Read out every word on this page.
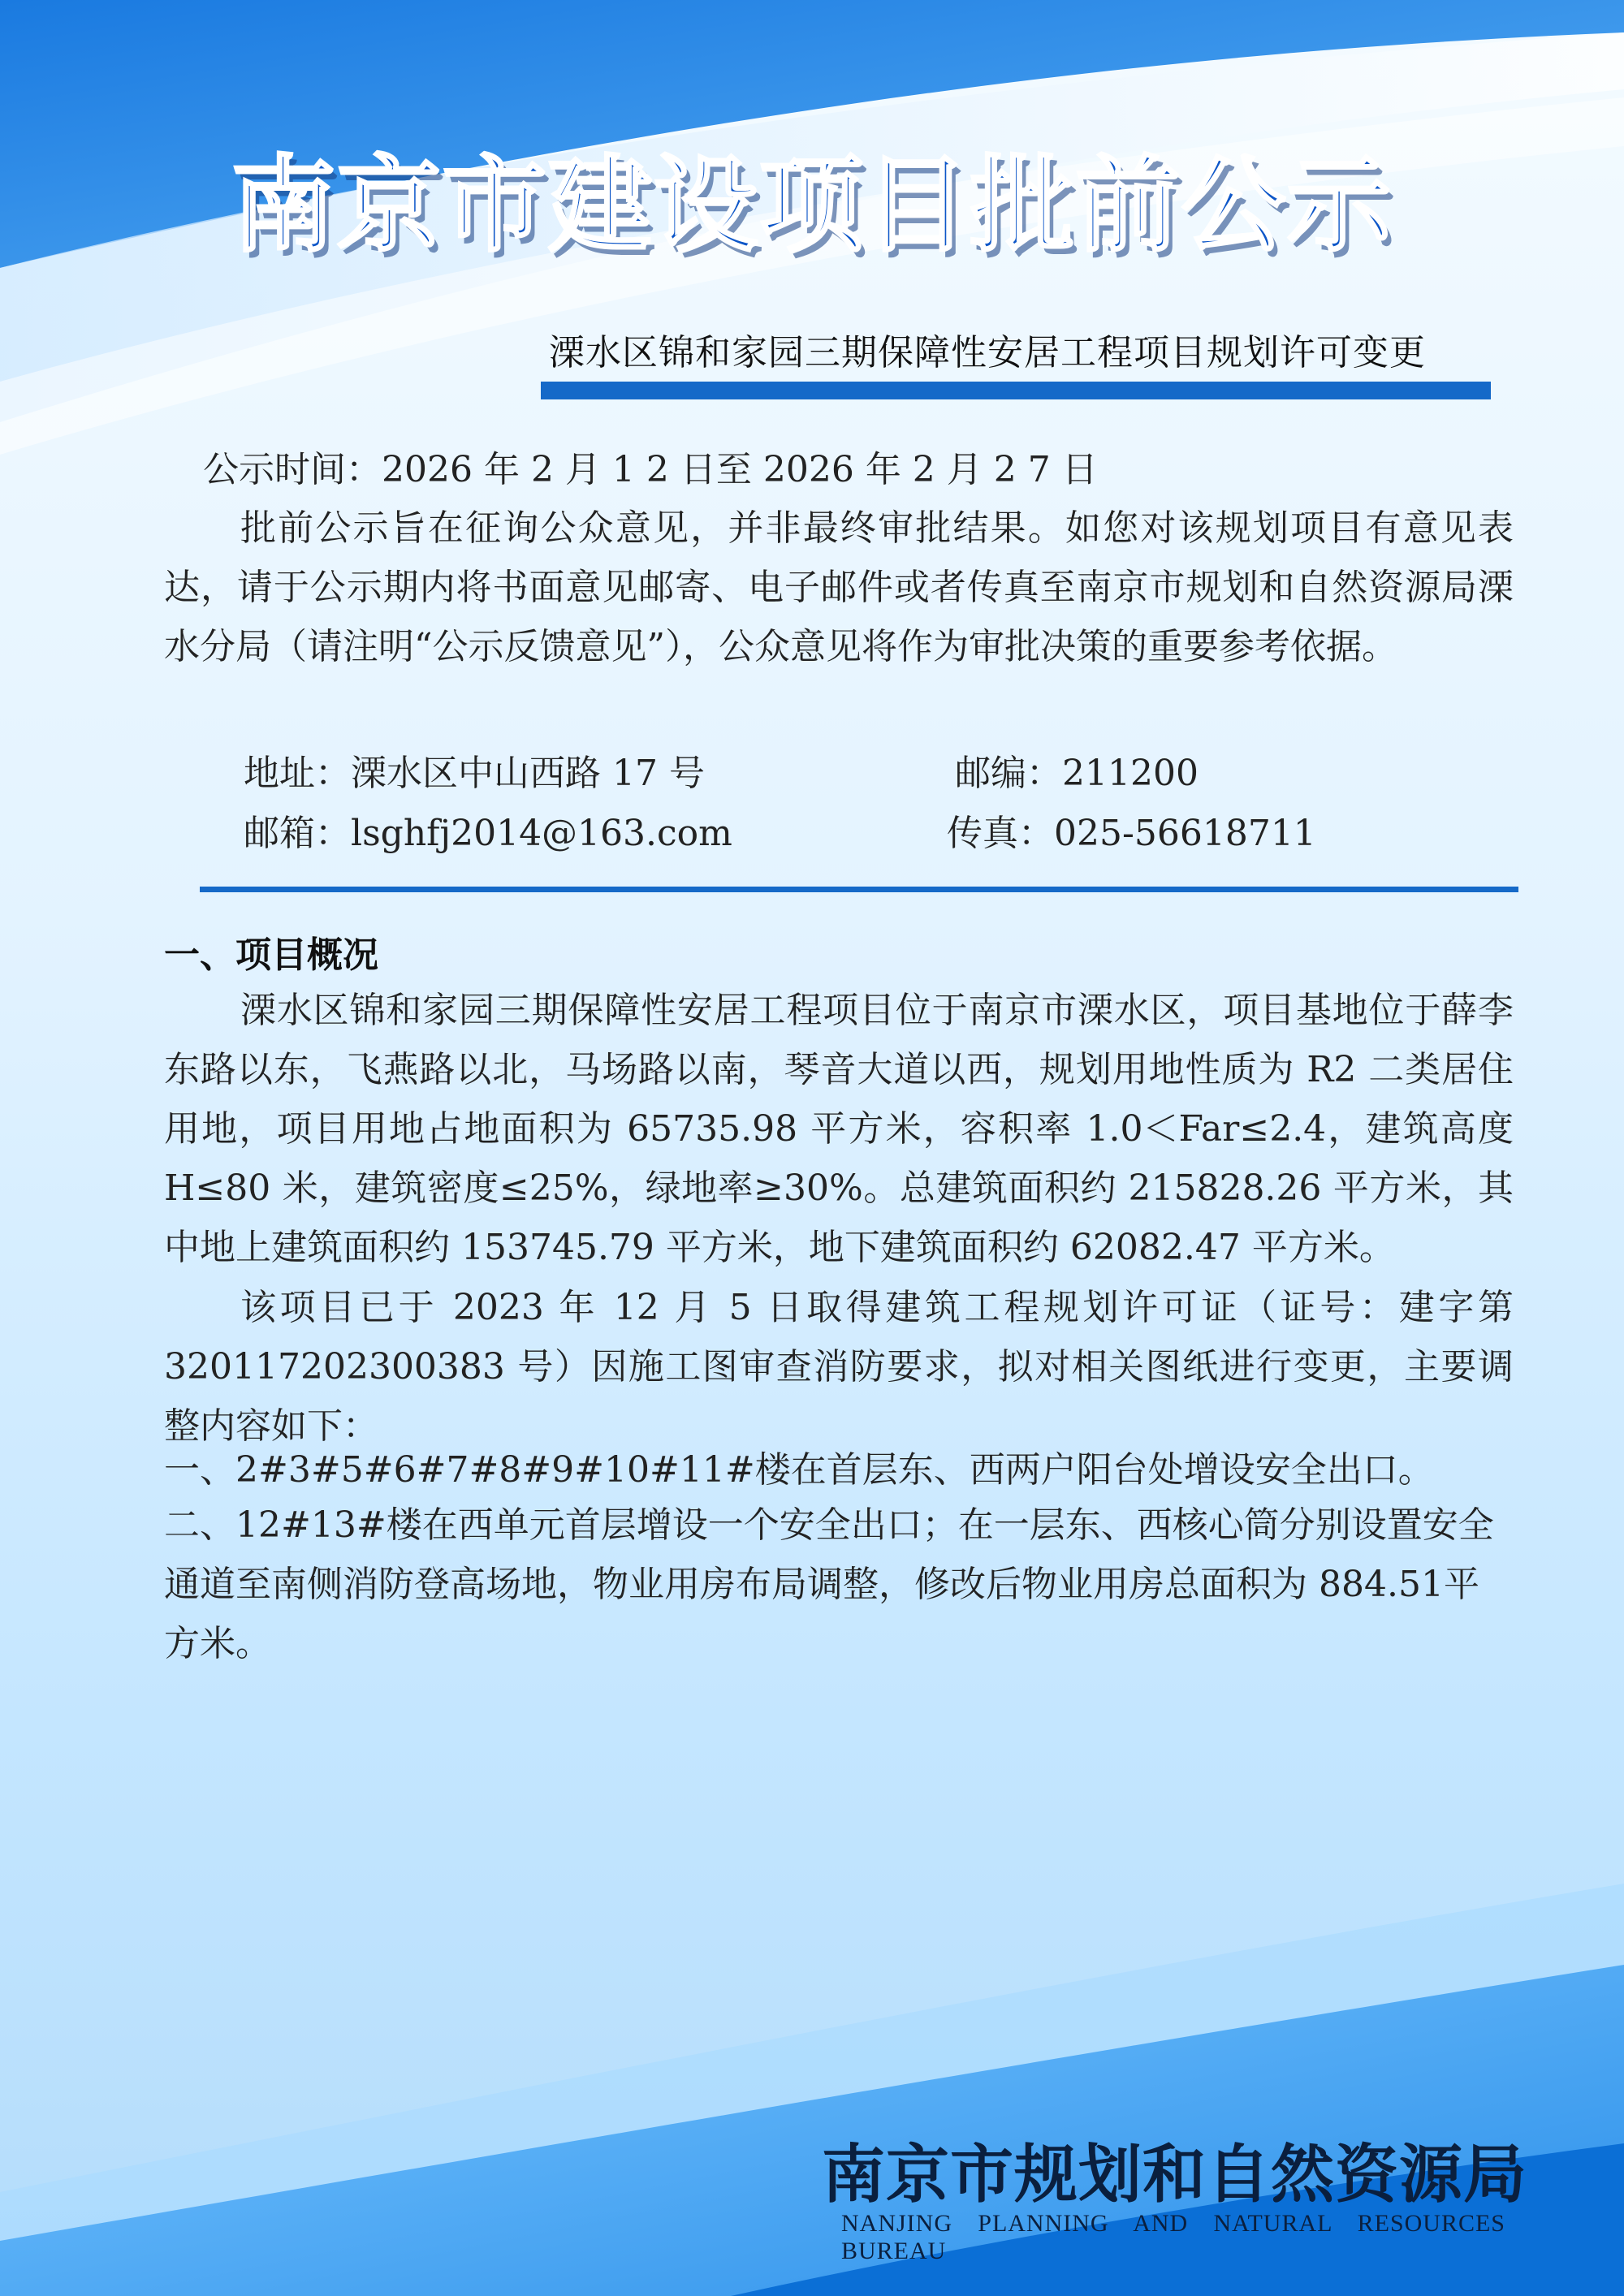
南京市建设项目批前公示
溧水区锦和家园三期保障性安居工程项目规划许可变更
公示时间：2026 年 2 月 1 2 日至 2026 年 2 月 2 7 日
批前公示旨在征询公众意见，并非最终审批结果。如您对该规划项目有意见表达，请于公示期内将书面意见邮寄、电子邮件或者传真至南京市规划和自然资源局溧水分局（请注明“公示反馈意见”），公众意见将作为审批决策的重要参考依据。
地址：溧水区中山西路 17 号	邮编：211200
邮箱：lsghfj2014@163.com	传真：025-56618711
一、项目概况
溧水区锦和家园三期保障性安居工程项目位于南京市溧水区，项目基地位于薛李东路以东，飞燕路以北，马场路以南，琴音大道以西，规划用地性质为 R2 二类居住用地，项目用地占地面积为 65735.98 平方米，容积率 1.0＜Far≤2.4，建筑高度 H≤80 米，建筑密度≤25%，绿地率≥30%。总建筑面积约 215828.26 平方米，其中地上建筑面积约 153745.79 平方米，地下建筑面积约 62082.47 平方米。
该项目已于 2023 年 12 月 5 日取得建筑工程规划许可证（证号：建字第 320117202300383 号）因施工图审查消防要求，拟对相关图纸进行变更，主要调整内容如下：
一、2#3#5#6#7#8#9#10#11#楼在首层东、西两户阳台处增设安全出口。
二、12#13#楼在西单元首层增设一个安全出口；在一层东、西核心筒分别设置安全通道至南侧消防登高场地，物业用房布局调整，修改后物业用房总面积为 884.51平方米。
南京市规划和自然资源局
NANJING PLANNING AND NATURAL RESOURCES BUREAU
